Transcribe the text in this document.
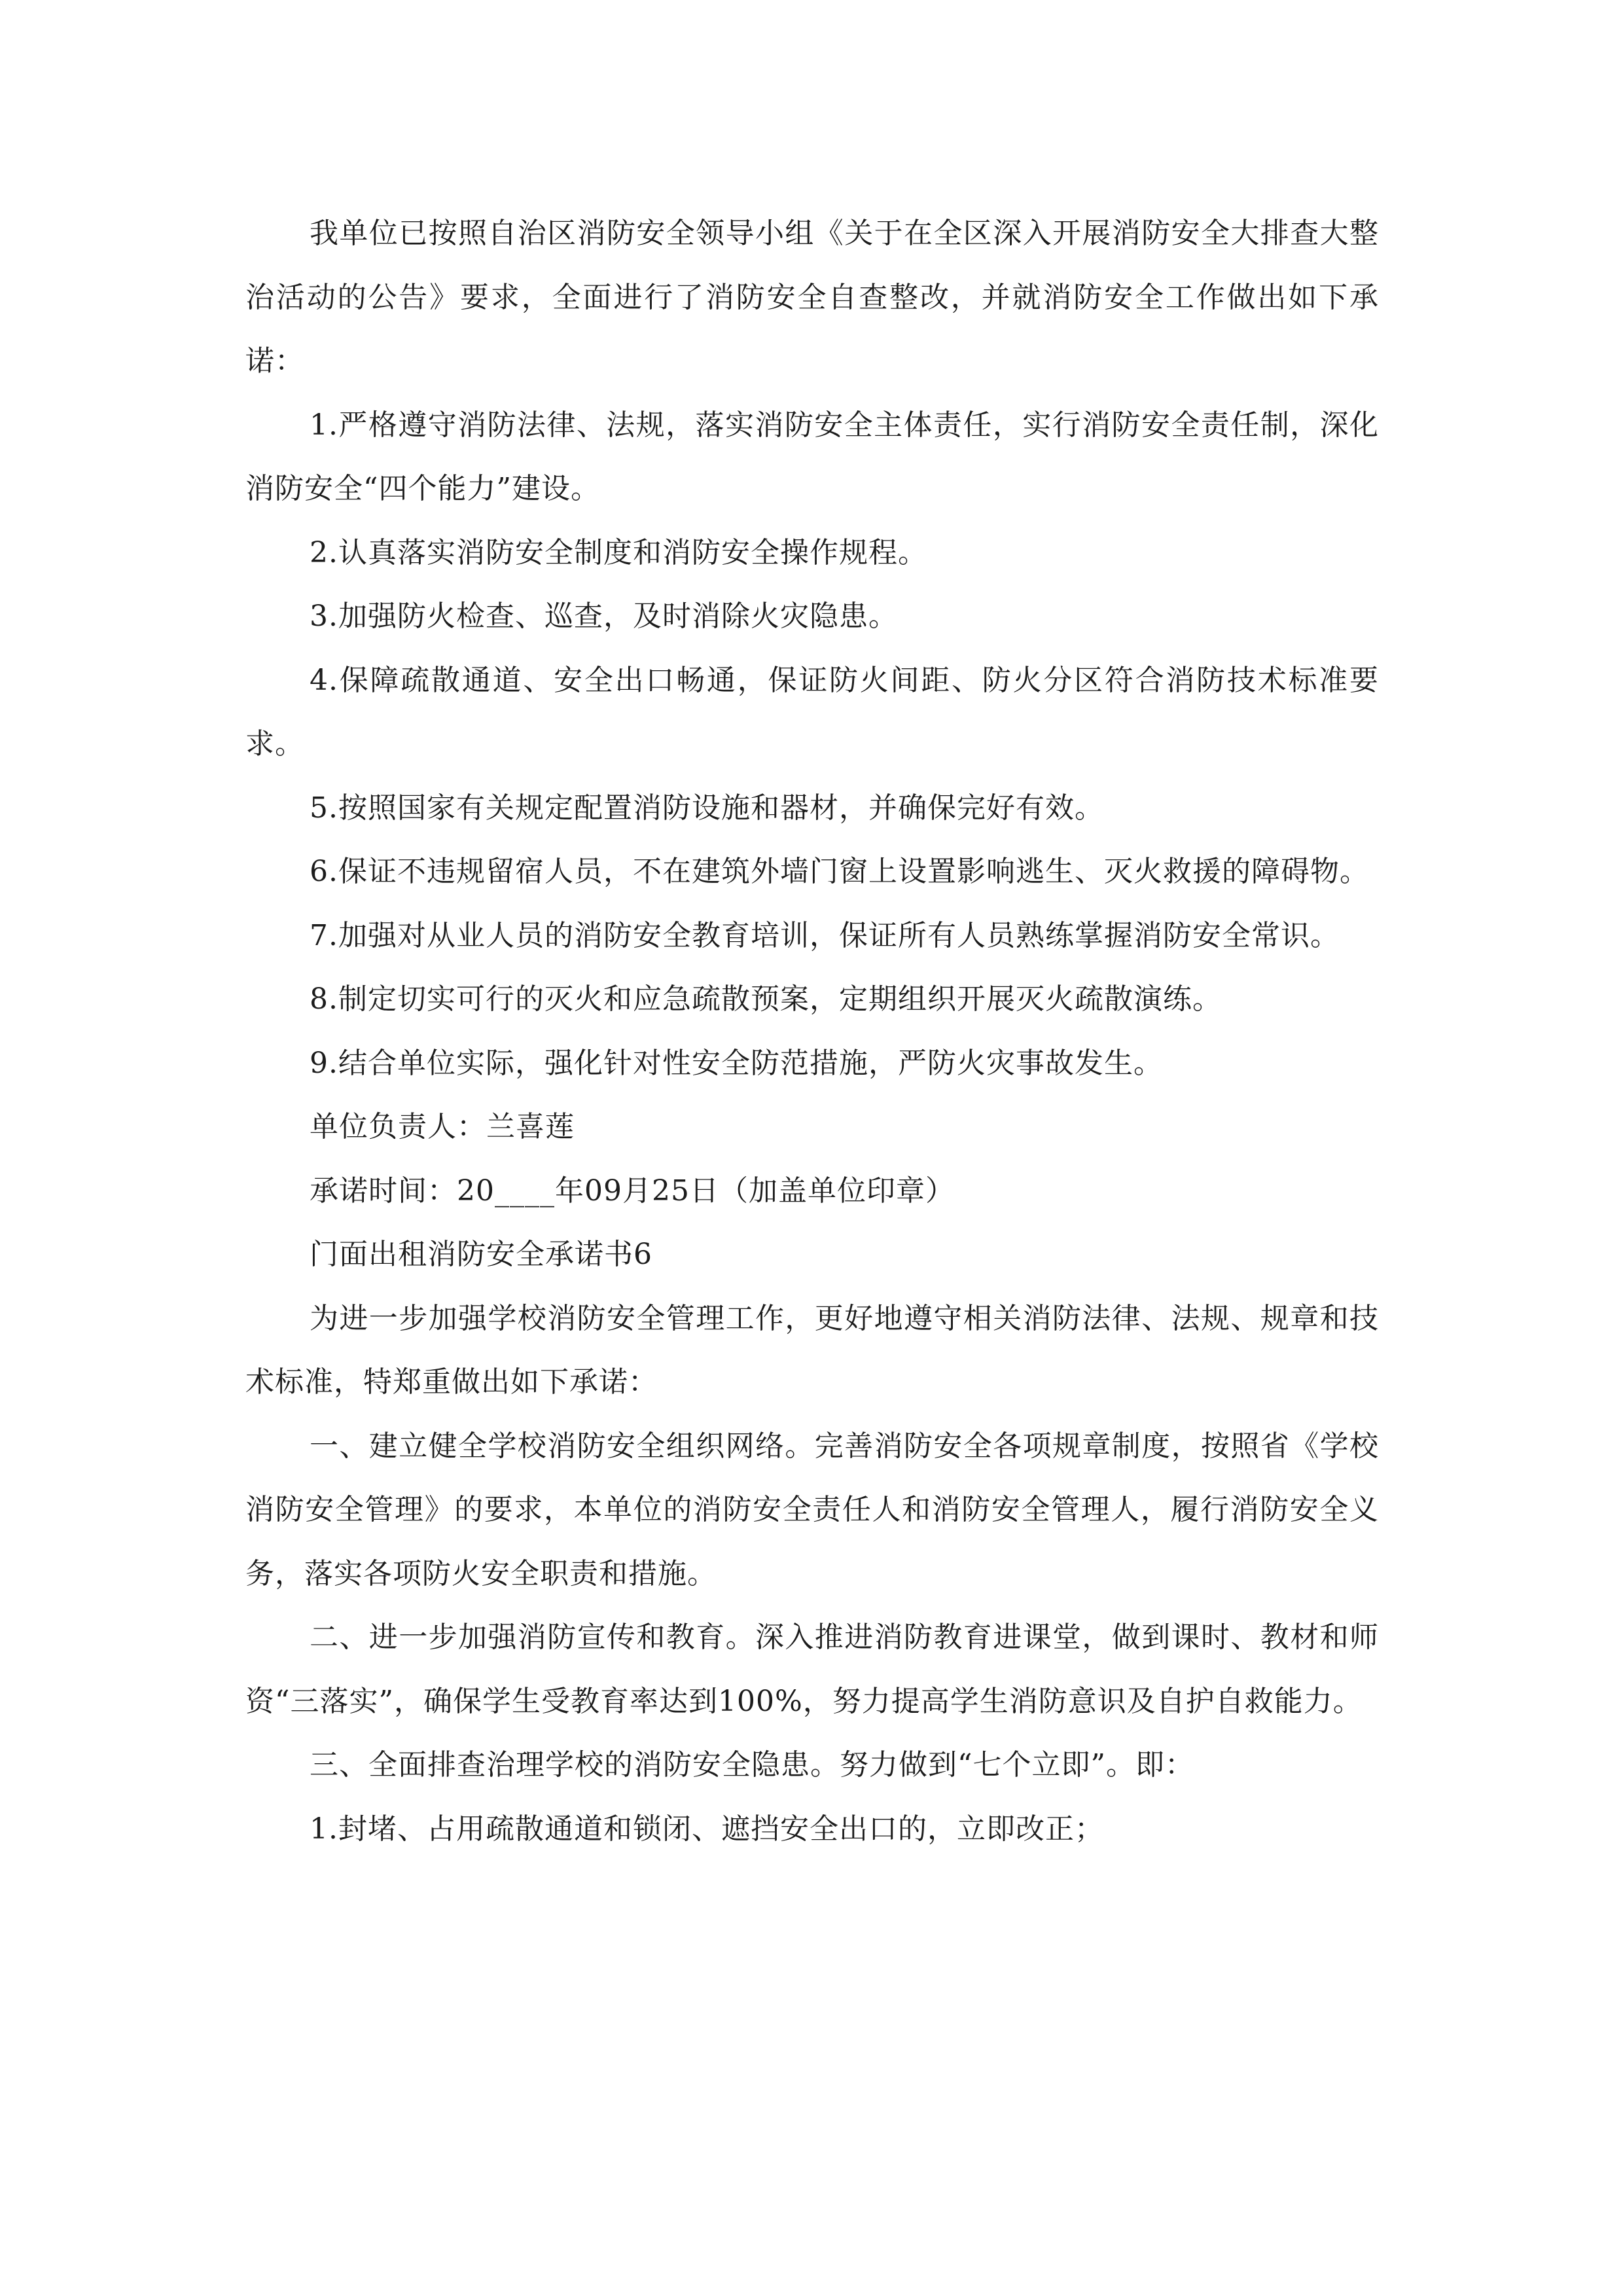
我单位已按照自治区消防安全领导小组《关于在全区深入开展消防安全大排查大整治活动的公告》要求，全面进行了消防安全自查整改，并就消防安全工作做出如下承诺：

1.严格遵守消防法律、法规，落实消防安全主体责任，实行消防安全责任制，深化消防安全“四个能力”建设。

2.认真落实消防安全制度和消防安全操作规程。

3.加强防火检查、巡查，及时消除火灾隐患。

4.保障疏散通道、安全出口畅通，保证防火间距、防火分区符合消防技术标准要求。

5.按照国家有关规定配置消防设施和器材，并确保完好有效。

6.保证不违规留宿人员，不在建筑外墙门窗上设置影响逃生、灭火救援的障碍物。

7.加强对从业人员的消防安全教育培训，保证所有人员熟练掌握消防安全常识。

8.制定切实可行的灭火和应急疏散预案，定期组织开展灭火疏散演练。

9.结合单位实际，强化针对性安全防范措施，严防火灾事故发生。

单位负责人：兰喜莲

承诺时间：20____年09月25日（加盖单位印章）

门面出租消防安全承诺书6

为进一步加强学校消防安全管理工作，更好地遵守相关消防法律、法规、规章和技术标准，特郑重做出如下承诺：

一、建立健全学校消防安全组织网络。完善消防安全各项规章制度，按照省《学校消防安全管理》的要求，本单位的消防安全责任人和消防安全管理人，履行消防安全义务，落实各项防火安全职责和措施。

二、进一步加强消防宣传和教育。深入推进消防教育进课堂，做到课时、教材和师资“三落实”，确保学生受教育率达到100%，努力提高学生消防意识及自护自救能力。

三、全面排查治理学校的消防安全隐患。努力做到“七个立即”。即：

1.封堵、占用疏散通道和锁闭、遮挡安全出口的，立即改正；
